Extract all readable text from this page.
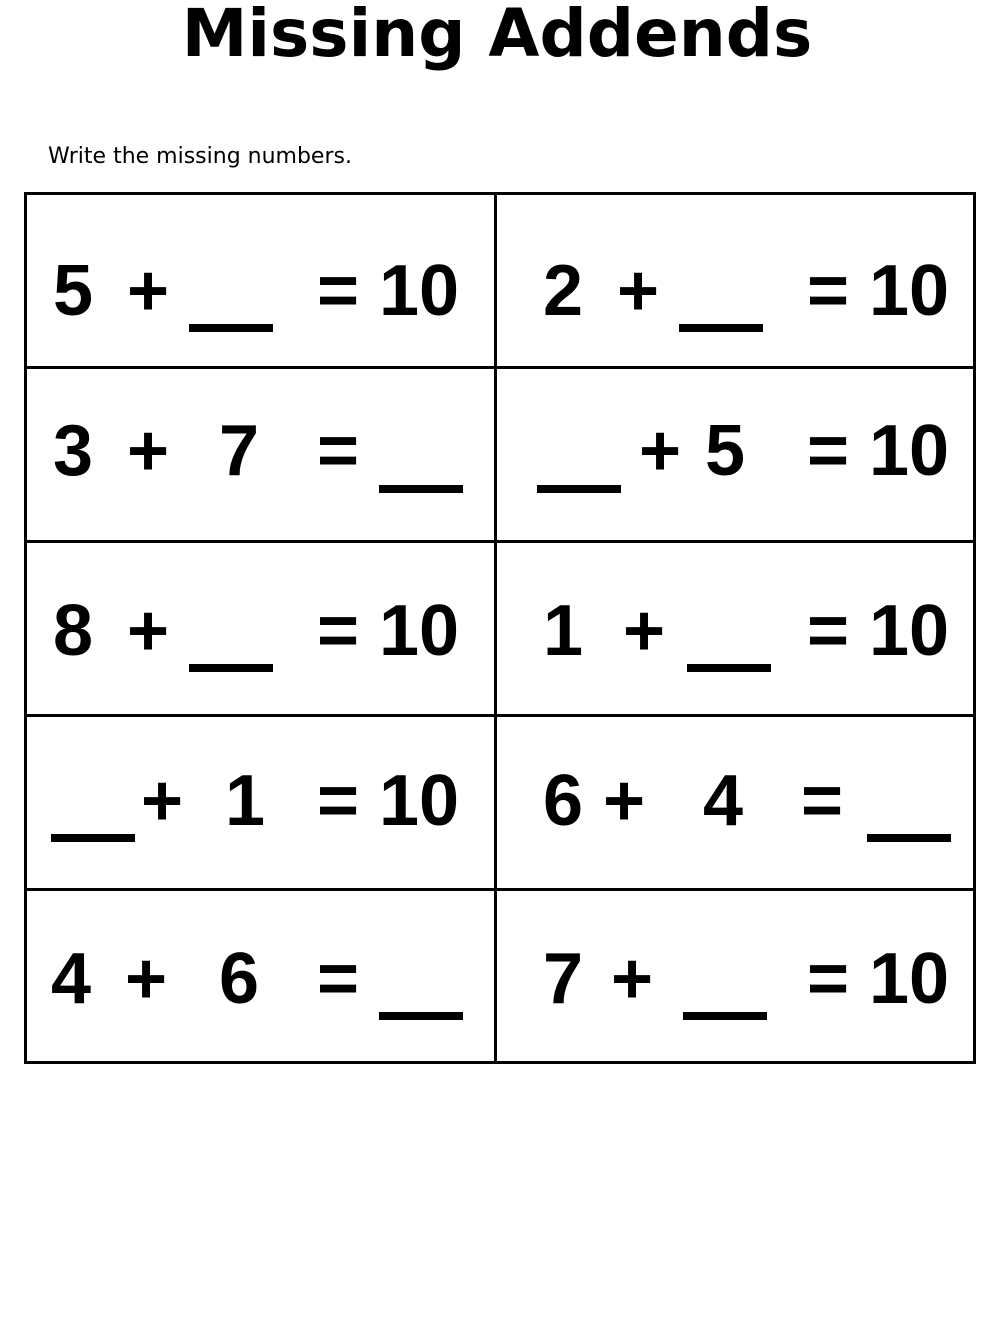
Missing Addends
Write the missing numbers.
5 + = 10 2 + = 10
3 + 7 =	+ 5 = 10
8 + = 10 1 + = 10
+ 1 = 10 6 + 4 =
4 + 6 =	7 + = 10
